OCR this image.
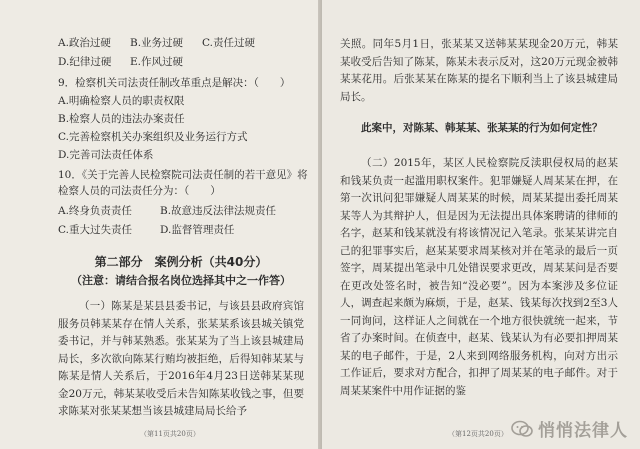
A.政治过硬	B.业务过硬	C.责任过硬
D.纪律过硬	E.作风过硬

9．检察机关司法责任制改革重点是解决：（　　）

A.明确检察人员的职责权限

B.检察人员的违法办案责任

C.完善检察机关办案组织及业务运行方式

D.完善司法责任体系

10．《关于完善人民检察院司法责任制的若干意见》将

检察人员的司法责任分为：（　　）

A.终身负责责任	B.故意违反法律法规责任
C.重大过失责任	D.监督管理责任

第二部分　案例分析（共40分）

（注意：请结合报名岗位选择其中之一作答）

（一）陈某是某县县委书记，与该县县政府宾馆服务员韩某某存在情人关系，张某某系该县城关镇党委书记，并与韩某熟悉。张某某为了当上该县城建局局长，多次欲向陈某行贿均被拒绝，后得知韩某某与陈某是情人关系后，于2016年4月23日送韩某某现金20万元，韩某某收受后未告知陈某收钱之事，但要求陈某对张某某想当该县城建局局长给予

（第11页共20页）

关照。同年5月1日，张某某又送韩某某现金20万元，韩某某收受后告知了陈某，陈某未表示反对，这20万元现金被韩某某花用。后张某某在陈某的提名下顺利当上了该县城建局局长。

此案中，对陈某、韩某某、张某某的行为如何定性？

（二）2015年，某区人民检察院反渎职侵权局的赵某和钱某负责一起滥用职权案件。犯罪嫌疑人周某某在押，在第一次讯问犯罪嫌疑人周某某的时候，周某某提出委托周某某等人为其辩护人，但是因为无法提出具体案聘请的律师的名字，赵某和钱某就没有将该情况记入笔录。张某某讲完自己的犯罪事实后，赵某某要求周某核对并在笔录的最后一页签字，周某提出笔录中几处错误要求更改，周某某问是否要在更改处签名时，被告知“没必要”。因为本案涉及多位证人，调查起来颇为麻烦，于是，赵某、钱某每次找到2至3人一同询问，这样证人之间就在一个地方很快就统一起来，节省了办案时间。在侦查中，赵某、钱某认为有必要扣押周某某的电子邮件，于是，2人来到网络服务机构，向对方出示工作证后，要求对方配合，扣押了周某某的电子邮件。对于周某某案件中用作证据的鉴

（第12页共20页） 悄悄法律人
